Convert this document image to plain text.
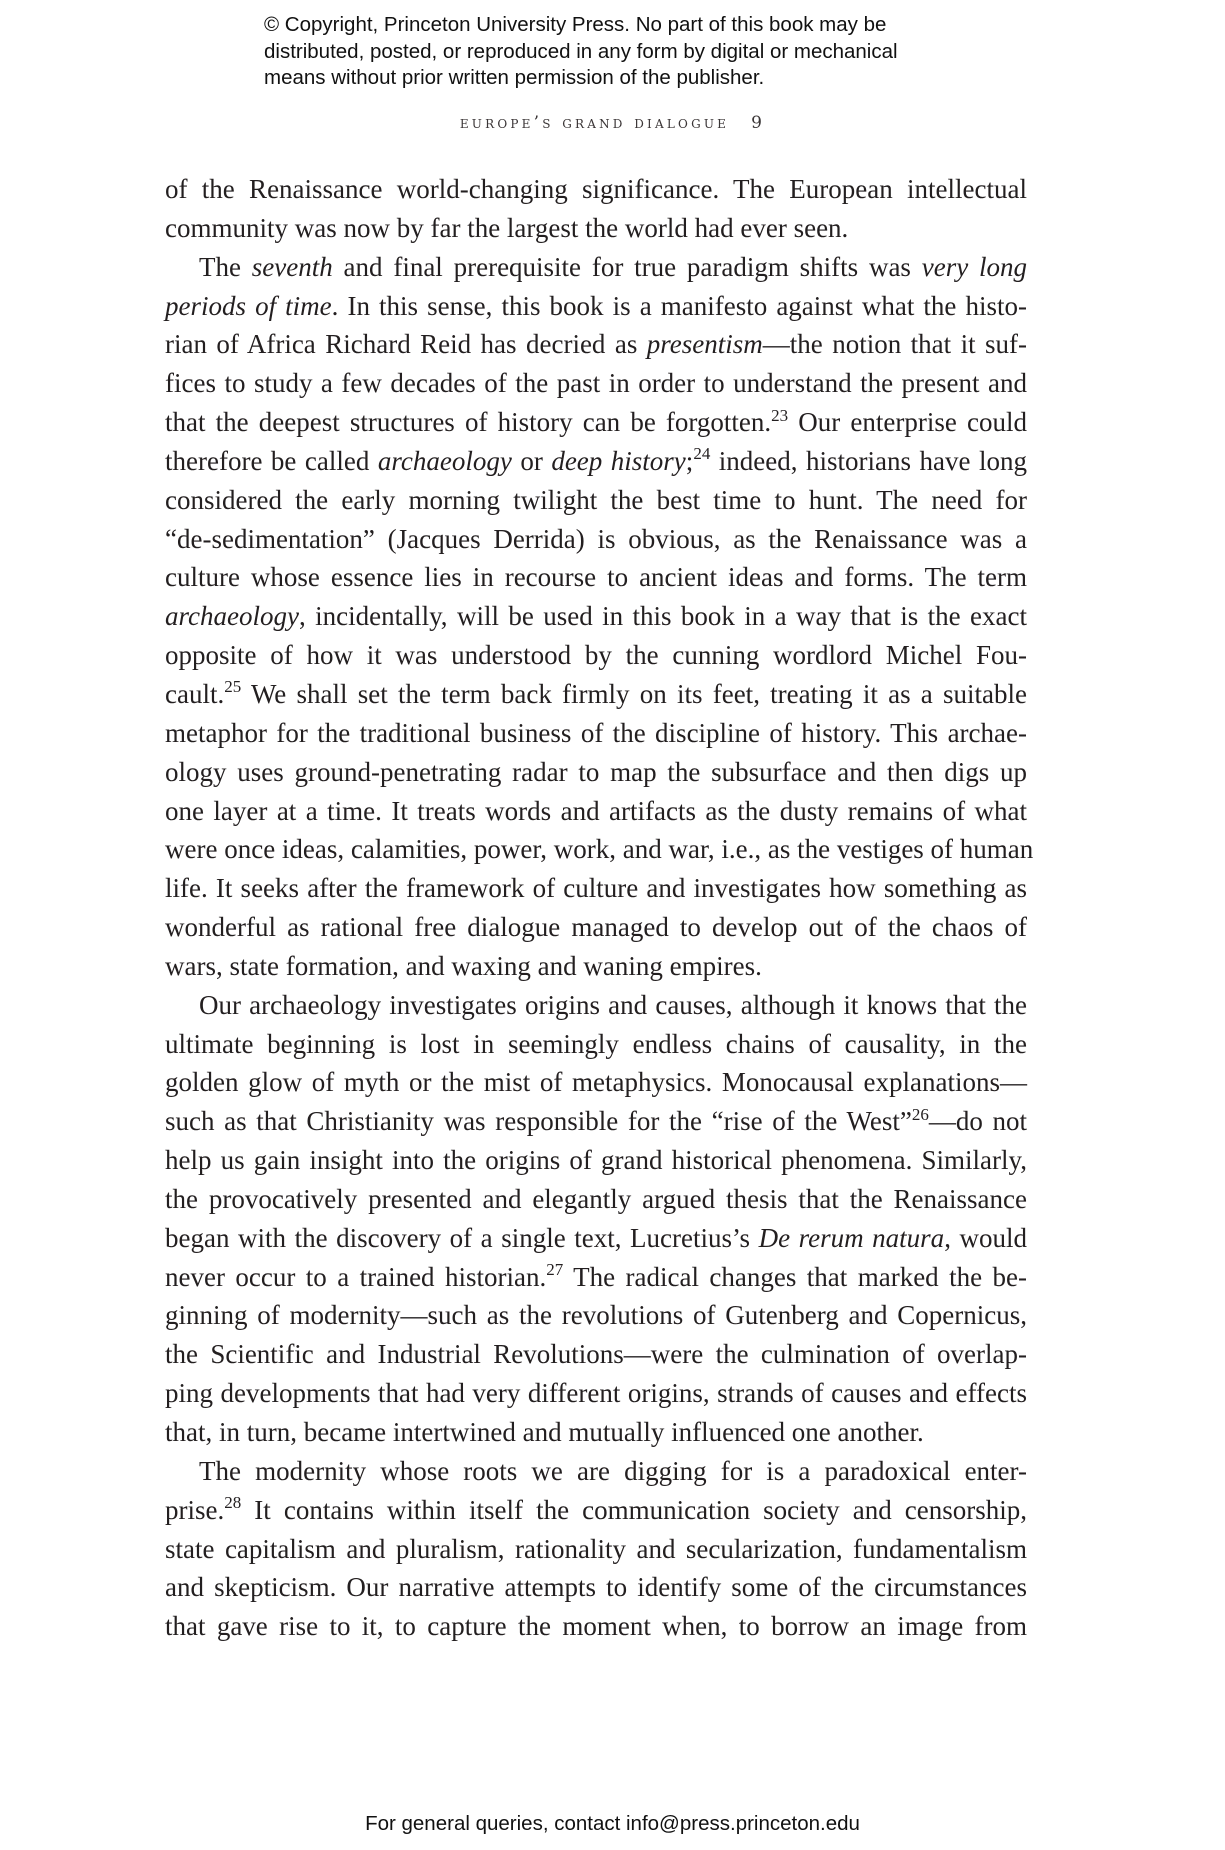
© Copyright, Princeton University Press. No part of this book may be
distributed, posted, or reproduced in any form by digital or mechanical
means without prior written permission of the publisher.
europe’s grand dialogue 9
of the Renaissance world-changing significance. The European intellectual
community was now by far the largest the world had ever seen.
The seventh and final prerequisite for true paradigm shifts was very long
periods of time. In this sense, this book is a manifesto against what the histo-
rian of Africa Richard Reid has decried as presentism—the notion that it suf-
fices to study a few decades of the past in order to understand the present and
that the deepest structures of history can be forgotten.$^{23}$ Our enterprise could
therefore be called archaeology or deep history;$^{24}$ indeed, historians have long
considered the early morning twilight the best time to hunt. The need for
“de-sedimentation” (Jacques Derrida) is obvious, as the Renaissance was a
culture whose essence lies in recourse to ancient ideas and forms. The term
archaeology, incidentally, will be used in this book in a way that is the exact
opposite of how it was understood by the cunning wordlord Michel Fou-
cault.$^{25}$ We shall set the term back firmly on its feet, treating it as a suitable
metaphor for the traditional business of the discipline of history. This archae-
ology uses ground-penetrating radar to map the subsurface and then digs up
one layer at a time. It treats words and artifacts as the dusty remains of what
were once ideas, calamities, power, work, and war, i.e., as the vestiges of human
life. It seeks after the framework of culture and investigates how something as
wonderful as rational free dialogue managed to develop out of the chaos of
wars, state formation, and waxing and waning empires.
Our archaeology investigates origins and causes, although it knows that the
ultimate beginning is lost in seemingly endless chains of causality, in the
golden glow of myth or the mist of metaphysics. Monocausal explanations—
such as that Christianity was responsible for the “rise of the West”$^{26}$—do not
help us gain insight into the origins of grand historical phenomena. Similarly,
the provocatively presented and elegantly argued thesis that the Renaissance
began with the discovery of a single text, Lucretius’s De rerum natura, would
never occur to a trained historian.$^{27}$ The radical changes that marked the be-
ginning of modernity—such as the revolutions of Gutenberg and Copernicus,
the Scientific and Industrial Revolutions—were the culmination of overlap-
ping developments that had very different origins, strands of causes and effects
that, in turn, became intertwined and mutually influenced one another.
The modernity whose roots we are digging for is a paradoxical enter-
prise.$^{28}$ It contains within itself the communication society and censorship,
state capitalism and pluralism, rationality and secularization, fundamentalism
and skepticism. Our narrative attempts to identify some of the circumstances
that gave rise to it, to capture the moment when, to borrow an image from
For general queries, contact info@press.princeton.edu
